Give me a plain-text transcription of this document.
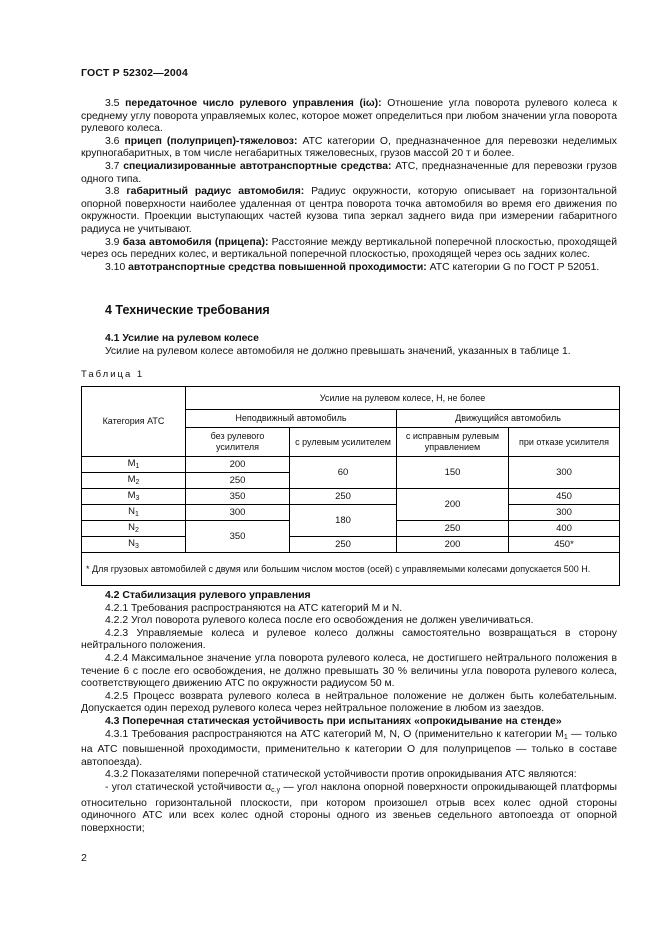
ГОСТ Р 52302—2004

3.5 передаточное число рулевого управления (iω): Отношение угла поворота рулевого колеса к среднему углу поворота управляемых колес, которое может определиться при любом значении угла поворота рулевого колеса.

3.6 прицеп (полуприцеп)-тяжеловоз: АТС категории О, предназначенное для перевозки неделимых крупногабаритных, в том числе негабаритных тяжеловесных, грузов массой 20 т и более.

3.7 специализированные автотранспортные средства: АТС, предназначенные для перевозки грузов одного типа.

3.8 габаритный радиус автомобиля: Радиус окружности, которую описывает на горизонтальной опорной поверхности наиболее удаленная от центра поворота точка автомобиля во время его движения по окружности. Проекции выступающих частей кузова типа зеркал заднего вида при измерении габаритного радиуса не учитывают.

3.9 база автомобиля (прицепа): Расстояние между вертикальной поперечной плоскостью, проходящей через ось передних колес, и вертикальной поперечной плоскостью, проходящей через ось задних колес.

3.10 автотранспортные средства повышенной проходимости: АТС категории G по ГОСТ Р 52051.

4 Технические требования

4.1 Усилие на рулевом колесе

Усилие на рулевом колесе автомобиля не должно превышать значений, указанных в таблице 1.

Таблица 1
Категория АТС	Усилие на рулевом колесе, Н, не более			
	Неподвижный автомобиль		Движущийся автомобиль	
	без рулевого усилителя	с рулевым усилителем	с исправным рулевым управлением	при отказе усилителя
$M_1$	200	60	150	300
$M_2$	250			
$M_3$	350	250	200	450
$N_1$	300	180		300
$N_2$	350		250	400
$N_3$		250	200	450*
* Для грузовых автомобилей с двумя или большим числом мостов (осей) с управляемыми колесами допускается 500 Н.				

4.2 Стабилизация рулевого управления

4.2.1 Требования распространяются на АТС категорий M и N.

4.2.2 Угол поворота рулевого колеса после его освобождения не должен увеличиваться.

4.2.3 Управляемые колеса и рулевое колесо должны самостоятельно возвращаться в сторону нейтрального положения.

4.2.4 Максимальное значение угла поворота рулевого колеса, не достигшего нейтрального положения в течение 6 с после его освобождения, не должно превышать 30 % величины угла поворота рулевого колеса, соответствующего движению АТС по окружности радиусом 50 м.

4.2.5 Процесс возврата рулевого колеса в нейтральное положение не должен быть колебательным. Допускается один переход рулевого колеса через нейтральное положение в любом из заездов.

4.3 Поперечная статическая устойчивость при испытаниях «опрокидывание на стенде»

4.3.1 Требования распространяются на АТС категорий M, N, O (применительно к категории $M_1$ — только на АТС повышенной проходимости, применительно к категории O для полуприцепов — только в составе автопоезда).

4.3.2 Показателями поперечной статической устойчивости против опрокидывания АТС являются:

- угол статической устойчивости $\alpha_{с.у}$ — угол наклона опорной поверхности опрокидывающей платформы относительно горизонтальной плоскости, при котором произошел отрыв всех колес одной стороны одиночного АТС или всех колес одной стороны одного из звеньев седельного автопоезда от опорной поверхности;

2
